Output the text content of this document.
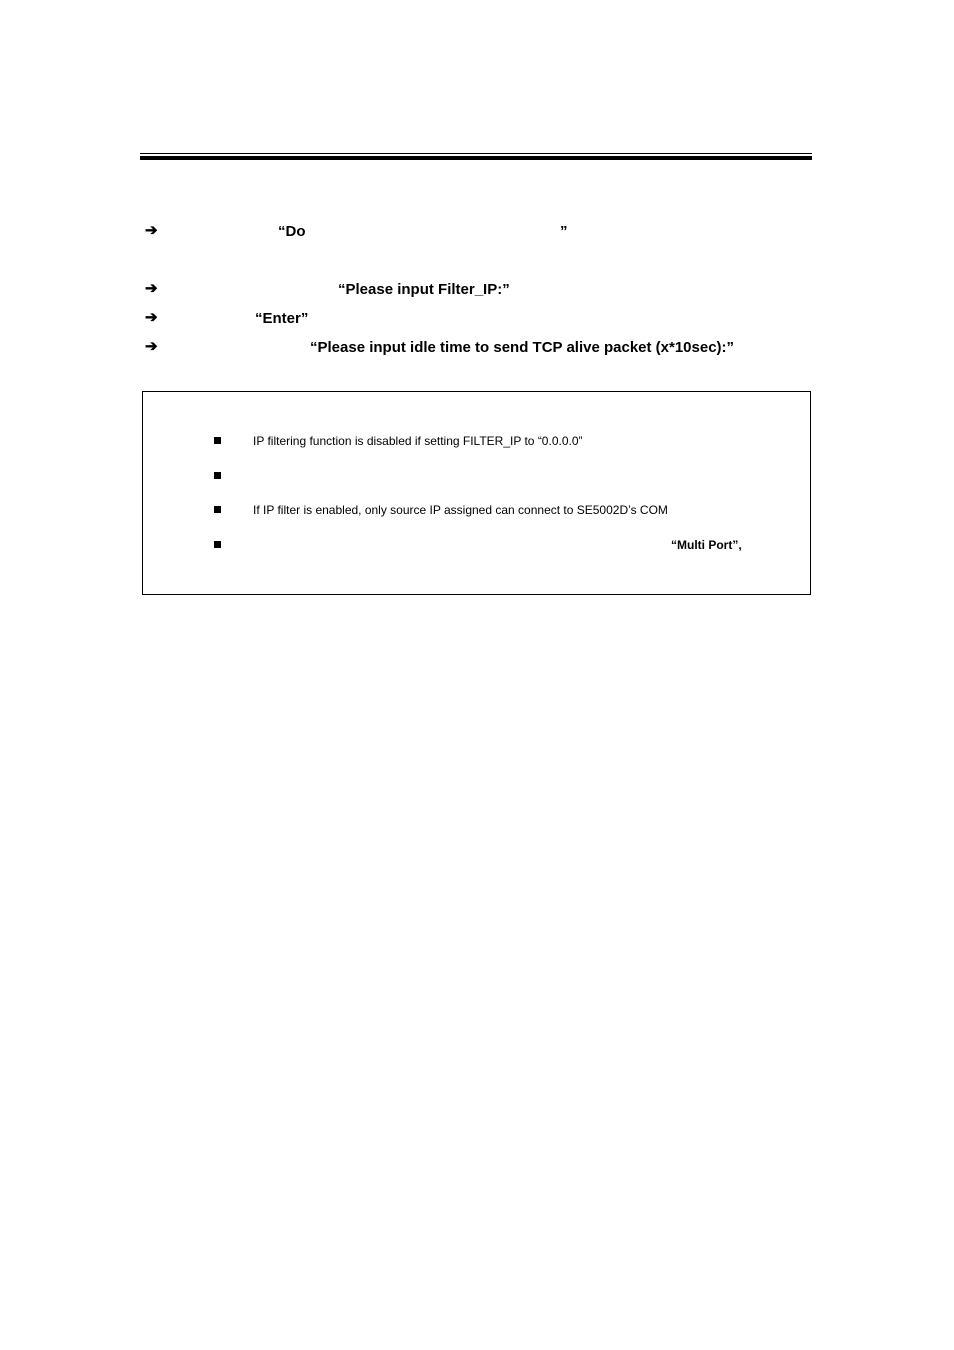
➔	“Do	”
➔	“Please input Filter_IP:”
➔	“Enter”
➔	“Please input idle time to send TCP alive packet (x*10sec):”
IP filtering function is disabled if setting FILTER_IP to “0.0.0.0”
If IP filter is enabled, only source IP assigned can connect to SE5002D’s COM
“Multi Port”,
